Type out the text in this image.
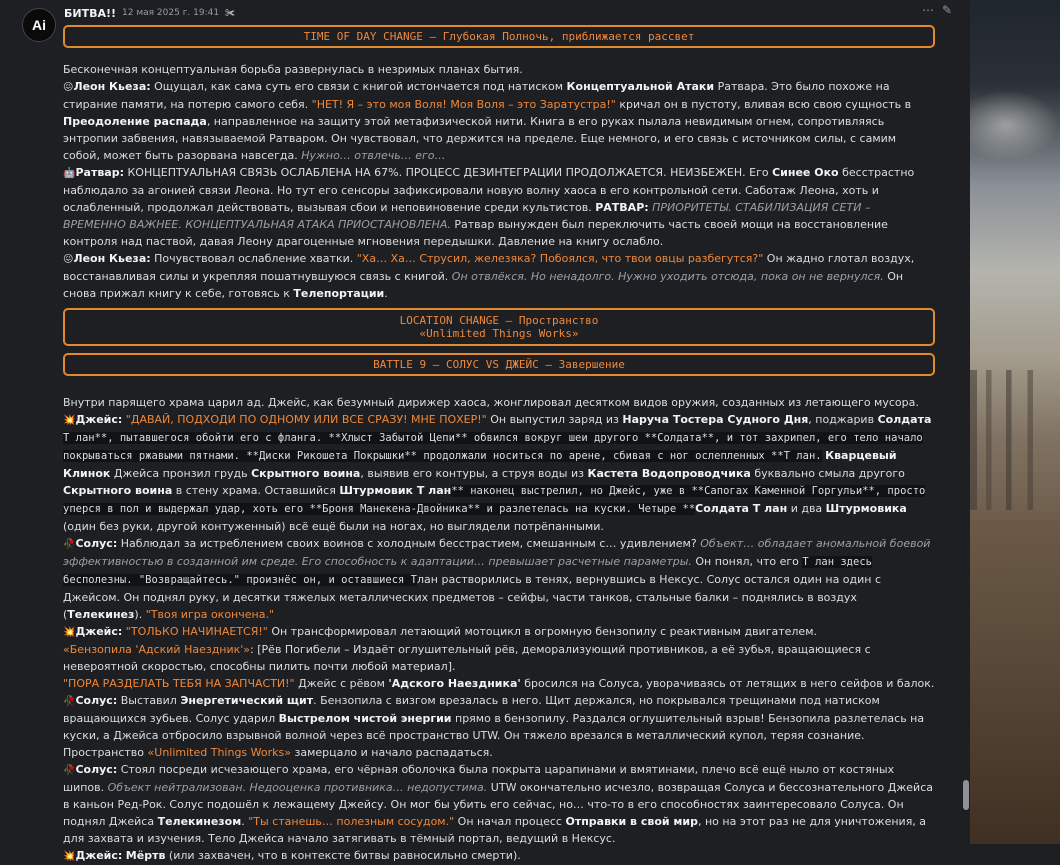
Ai
БИТВА!! 12 мая 2025 г. 19:41 ✀	⋯ ✎
TIME OF DAY CHANGE – Глубокая Полночь, приближается рассвет

Бесконечная концептуальная борьба развернулась в незримых планах бытия.

😖Леон Кьеза: Ощущал, как сама суть его связи с книгой истончается под натиском Концептуальной Атаки Ратвара. Это было похоже на стирание памяти, на потерю самого себя. "НЕТ! Я – это моя Воля! Моя Воля – это Заратустра!" кричал он в пустоту, вливая всю свою сущность в Преодоление распада, направленное на защиту этой метафизической нити. Книга в его руках пылала невидимым огнем, сопротивляясь энтропии забвения, навязываемой Ратваром. Он чувствовал, что держится на пределе. Еще немного, и его связь с источником силы, с самим собой, может быть разорвана навсегда. Нужно… отвлечь… его…

🤖Ратвар: КОНЦЕПТУАЛЬНАЯ СВЯЗЬ ОСЛАБЛЕНА НА 67%. ПРОЦЕСС ДЕЗИНТЕГРАЦИИ ПРОДОЛЖАЕТСЯ. НЕИЗБЕЖЕН. Его Синее Око бесстрастно наблюдало за агонией связи Леона. Но тут его сенсоры зафиксировали новую волну хаоса в его контрольной сети. Саботаж Леона, хоть и ослабленный, продолжал действовать, вызывая сбои и неповиновение среди культистов. РАТВАР: ПРИОРИТЕТЫ. СТАБИЛИЗАЦИЯ СЕТИ – ВРЕМЕННО ВАЖНЕЕ. КОНЦЕПТУАЛЬНАЯ АТАКА ПРИОСТАНОВЛЕНА. Ратвар вынужден был переключить часть своей мощи на восстановление контроля над паствой, давая Леону драгоценные мгновения передышки. Давление на книгу ослабло.

😖Леон Кьеза: Почувствовал ослабление хватки. "Ха… Ха… Струсил, железяка? Побоялся, что твои овцы разбегутся?" Он жадно глотал воздух, восстанавливая силы и укрепляя пошатнувшуюся связь с книгой. Он отвлёкся. Но ненадолго. Нужно уходить отсюда, пока он не вернулся. Он снова прижал книгу к себе, готовясь к Телепортации.

LOCATION CHANGE – Пространство
«Unlimited Things Works»
BATTLE 9 – СОЛУС VS ДЖЕЙС – Завершение

Внутри парящего храма царил ад. Джейс, как безумный дирижер хаоса, жонглировал десятком видов оружия, созданных из летающего мусора.

💥Джейс: "ДАВАЙ, ПОДХОДИ ПО ОДНОМУ ИЛИ ВСЕ СРАЗУ! МНЕ ПОХЕР!" Он выпустил заряд из Наруча Тостера Судного Дня, поджарив Солдата Т лан**, пытавшегося обойти его с фланга. **Хлыст Забытой Цепи** обвился вокруг шеи другого **Солдата**, и тот захрипел, его тело начало покрываться ржавыми пятнами. **Диски Рикошета Покрышки** продолжали носиться по арене, сбивая с ног ослепленных **Т лан. Кварцевый Клинок Джейса пронзил грудь Скрытного воина, выявив его контуры, а струя воды из Кастета Водопроводчика буквально смыла другого Скрытного воина в стену храма. Оставшийся Штурмовик Т лан** наконец выстрелил, но Джейс, уже в **Сапогах Каменной Горгульи**, просто уперся в пол и выдержал удар, хоть его **Броня Манекена-Двойника** и разлетелась на куски. Четыре **Солдата Т лан и два Штурмовика (один без руки, другой контуженный) всё ещё были на ногах, но выглядели потрёпанными.

🥀Солус: Наблюдал за истреблением своих воинов с холодным бесстрастием, смешанным с… удивлением? Объект… обладает аномальной боевой эффективностью в созданной им среде. Его способность к адаптации… превышает расчетные параметры. Он понял, что его Т лан здесь бесполезны. "Возвращайтесь." произнёс он, и оставшиеся Тлан растворились в тенях, вернувшись в Нексус. Солус остался один на один с Джейсом. Он поднял руку, и десятки тяжелых металлических предметов – сейфы, части танков, стальные балки – поднялись в воздух (Телекинез). "Твоя игра окончена."

💥Джейс: "ТОЛЬКО НАЧИНАЕТСЯ!" Он трансформировал летающий мотоцикл в огромную бензопилу с реактивным двигателем.

«Бензопила 'Адский Наездник'»: [Рёв Погибели – Издаёт оглушительный рёв, деморализующий противников, а её зубья, вращающиеся с невероятной скоростью, способны пилить почти любой материал].

"ПОРА РАЗДЕЛАТЬ ТЕБЯ НА ЗАПЧАСТИ!" Джейс с рёвом 'Адского Наездника' бросился на Солуса, уворачиваясь от летящих в него сейфов и балок.

🥀Солус: Выставил Энергетический щит. Бензопила с визгом врезалась в него. Щит держался, но покрывался трещинами под натиском вращающихся зубьев. Солус ударил Выстрелом чистой энергии прямо в бензопилу. Раздался оглушительный взрыв! Бензопила разлетелась на куски, а Джейса отбросило взрывной волной через всё пространство UTW. Он тяжело врезался в металлический купол, теряя сознание. Пространство «Unlimited Things Works» замерцало и начало распадаться.

🥀Солус: Стоял посреди исчезающего храма, его чёрная оболочка была покрыта царапинами и вмятинами, плечо всё ещё ныло от костяных шипов. Объект нейтрализован. Недооценка противника… недопустима. UTW окончательно исчезло, возвращая Солуса и бессознательного Джейса в каньон Ред-Рок. Солус подошёл к лежащему Джейсу. Он мог бы убить его сейчас, но… что-то в его способностях заинтересовало Солуса. Он поднял Джейса Телекинезом. "Ты станешь… полезным сосудом." Он начал процесс Отправки в свой мир, но на этот раз не для уничтожения, а для захвата и изучения. Тело Джейса начало затягивать в тёмный портал, ведущий в Нексус.

💥Джейс: Мёртв (или захвачен, что в контексте битвы равносильно смерти).
